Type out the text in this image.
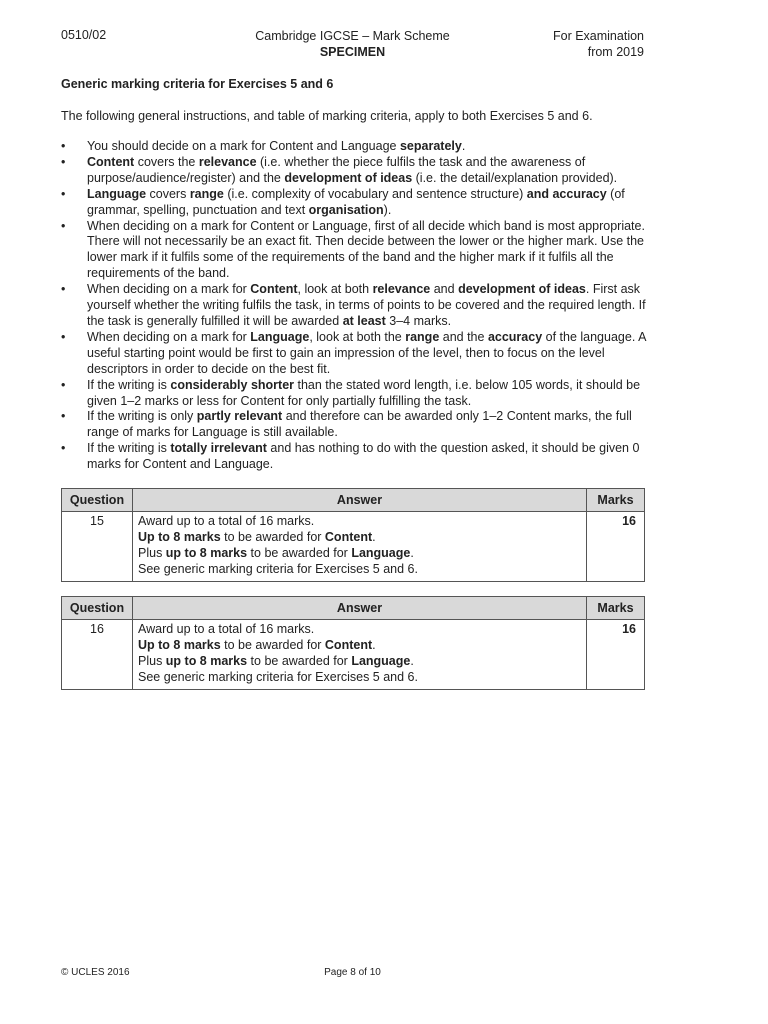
0510/02	Cambridge IGCSE – Mark Scheme
SPECIMEN
For Examination
from 2019
Generic marking criteria for Exercises 5 and 6
The following general instructions, and table of marking criteria, apply to both Exercises 5 and 6.
• You should decide on a mark for Content and Language separately.
• Content covers the relevance (i.e. whether the piece fulfils the task and the awareness of purpose/audience/register) and the development of ideas (i.e. the detail/explanation provided).
• Language covers range (i.e. complexity of vocabulary and sentence structure) and accuracy (of grammar, spelling, punctuation and text organisation).
• When deciding on a mark for Content or Language, first of all decide which band is most appropriate. There will not necessarily be an exact fit. Then decide between the lower or the higher mark. Use the lower mark if it fulfils some of the requirements of the band and the higher mark if it fulfils all the requirements of the band.
• When deciding on a mark for Content, look at both relevance and development of ideas. First ask yourself whether the writing fulfils the task, in terms of points to be covered and the required length. If the task is generally fulfilled it will be awarded at least 3–4 marks.
• When deciding on a mark for Language, look at both the range and the accuracy of the language. A useful starting point would be first to gain an impression of the level, then to focus on the level descriptors in order to decide on the best fit.
• If the writing is considerably shorter than the stated word length, i.e. below 105 words, it should be given 1–2 marks or less for Content for only partially fulfilling the task.
• If the writing is only partly relevant and therefore can be awarded only 1–2 Content marks, the full range of marks for Language is still available.
• If the writing is totally irrelevant and has nothing to do with the question asked, it should be given 0 marks for Content and Language.
Question	Answer	Marks
15	Award up to a total of 16 marks.
Up to 8 marks to be awarded for Content.
Plus up to 8 marks to be awarded for Language.
See generic marking criteria for Exercises 5 and 6.	16
Question	Answer	Marks
16	Award up to a total of 16 marks.
Up to 8 marks to be awarded for Content.
Plus up to 8 marks to be awarded for Language.
See generic marking criteria for Exercises 5 and 6.	16
© UCLES 2016	Page 8 of 10
